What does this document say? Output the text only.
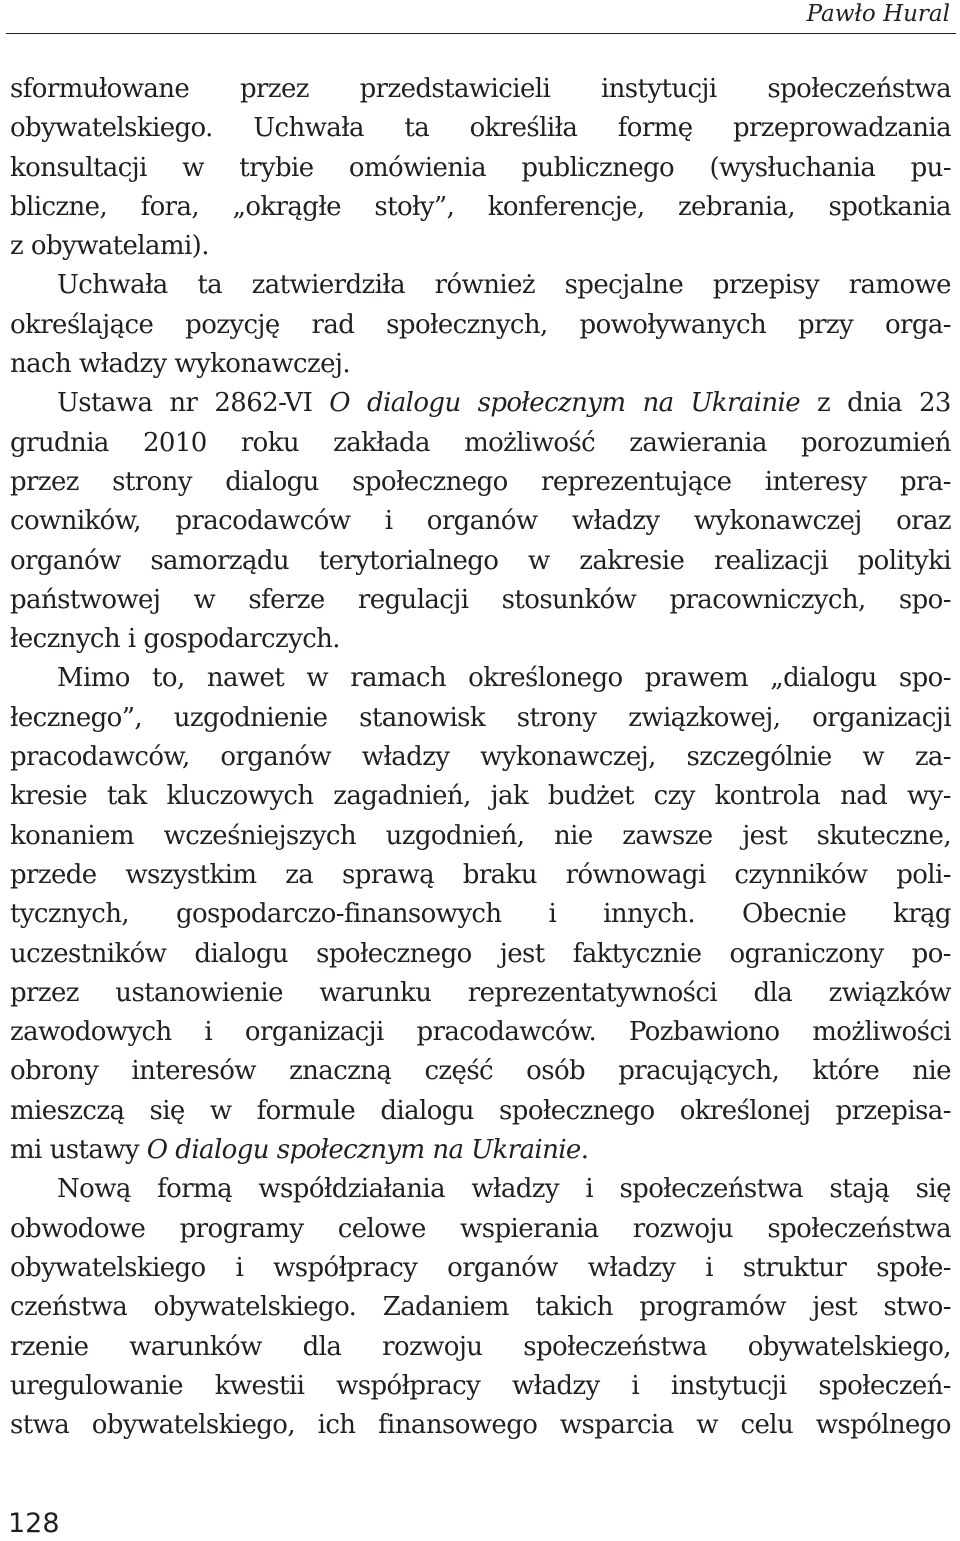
Pawło Hural
sformułowane przez przedstawicieli instytucji społeczeństwa
obywatelskiego. Uchwała ta określiła formę przeprowadzania
konsultacji w trybie omówienia publicznego (wysłuchania pu-
bliczne, fora, „okrągłe stoły”, konferencje, zebrania, spotkania
z obywatelami).
Uchwała ta zatwierdziła również specjalne przepisy ramowe
określające pozycję rad społecznych, powoływanych przy orga-
nach władzy wykonawczej.
Ustawa nr 2862-VI O dialogu społecznym na Ukrainie z dnia 23
grudnia 2010 roku zakłada możliwość zawierania porozumień
przez strony dialogu społecznego reprezentujące interesy pra-
cowników, pracodawców i organów władzy wykonawczej oraz
organów samorządu terytorialnego w zakresie realizacji polityki
państwowej w sferze regulacji stosunków pracowniczych, spo-
łecznych i gospodarczych.
Mimo to, nawet w ramach określonego prawem „dialogu spo-
łecznego”, uzgodnienie stanowisk strony związkowej, organizacji
pracodawców, organów władzy wykonawczej, szczególnie w za-
kresie tak kluczowych zagadnień, jak budżet czy kontrola nad wy-
konaniem wcześniejszych uzgodnień, nie zawsze jest skuteczne,
przede wszystkim za sprawą braku równowagi czynników poli-
tycznych, gospodarczo-finansowych i innych. Obecnie krąg
uczestników dialogu społecznego jest faktycznie ograniczony po-
przez ustanowienie warunku reprezentatywności dla związków
zawodowych i organizacji pracodawców. Pozbawiono możliwości
obrony interesów znaczną część osób pracujących, które nie
mieszczą się w formule dialogu społecznego określonej przepisa-
mi ustawy O dialogu społecznym na Ukrainie.
Nową formą współdziałania władzy i społeczeństwa stają się
obwodowe programy celowe wspierania rozwoju społeczeństwa
obywatelskiego i współpracy organów władzy i struktur społe-
czeństwa obywatelskiego. Zadaniem takich programów jest stwo-
rzenie warunków dla rozwoju społeczeństwa obywatelskiego,
uregulowanie kwestii współpracy władzy i instytucji społeczeń-
stwa obywatelskiego, ich finansowego wsparcia w celu wspólnego
128
